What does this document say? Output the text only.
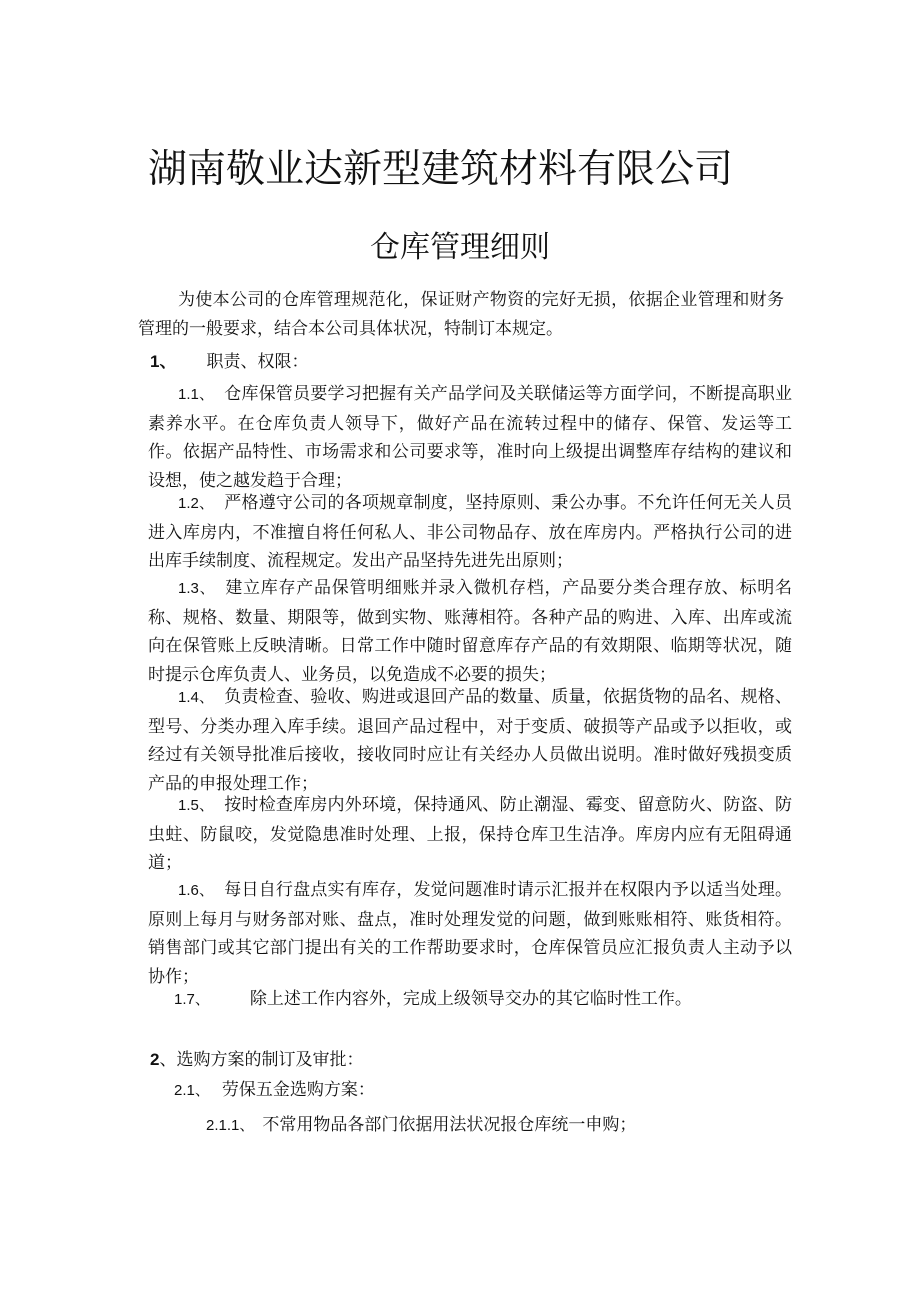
湖南敬业达新型建筑材料有限公司
仓库管理细则
为使本公司的仓库管理规范化，保证财产物资的完好无损，依据企业管理和财务管理的一般要求，结合本公司具体状况，特制订本规定。
1、 职责、权限：
1.1、 仓库保管员要学习把握有关产品学问及关联储运等方面学问，不断提高职业素养水平。在仓库负责人领导下，做好产品在流转过程中的储存、保管、发运等工作。依据产品特性、市场需求和公司要求等，准时向上级提出调整库存结构的建议和设想，使之越发趋于合理；
1.2、 严格遵守公司的各项规章制度，坚持原则、秉公办事。不允许任何无关人员进入库房内，不准擅自将任何私人、非公司物品存、放在库房内。严格执行公司的进出库手续制度、流程规定。发出产品坚持先进先出原则；
1.3、 建立库存产品保管明细账并录入微机存档，产品要分类合理存放、标明名称、规格、数量、期限等，做到实物、账薄相符。各种产品的购进、入库、出库或流向在保管账上反映清晰。日常工作中随时留意库存产品的有效期限、临期等状况，随时提示仓库负责人、业务员，以免造成不必要的损失；
1.4、 负责检查、验收、购进或退回产品的数量、质量，依据货物的品名、规格、型号、分类办理入库手续。退回产品过程中，对于变质、破损等产品或予以拒收，或经过有关领导批准后接收，接收同时应让有关经办人员做出说明。准时做好残损变质产品的申报处理工作；
1.5、 按时检查库房内外环境，保持通风、防止潮湿、霉变、留意防火、防盗、防虫蛀、防鼠咬，发觉隐患准时处理、上报，保持仓库卫生洁净。库房内应有无阻碍通道；
1.6、 每日自行盘点实有库存，发觉问题准时请示汇报并在权限内予以适当处理。原则上每月与财务部对账、盘点，准时处理发觉的问题，做到账账相符、账货相符。销售部门或其它部门提出有关的工作帮助要求时，仓库保管员应汇报负责人主动予以协作；
1.7、 除上述工作内容外，完成上级领导交办的其它临时性工作。
2、选购方案的制订及审批：
2.1、 劳保五金选购方案：
2.1.1、 不常用物品各部门依据用法状况报仓库统一申购；
